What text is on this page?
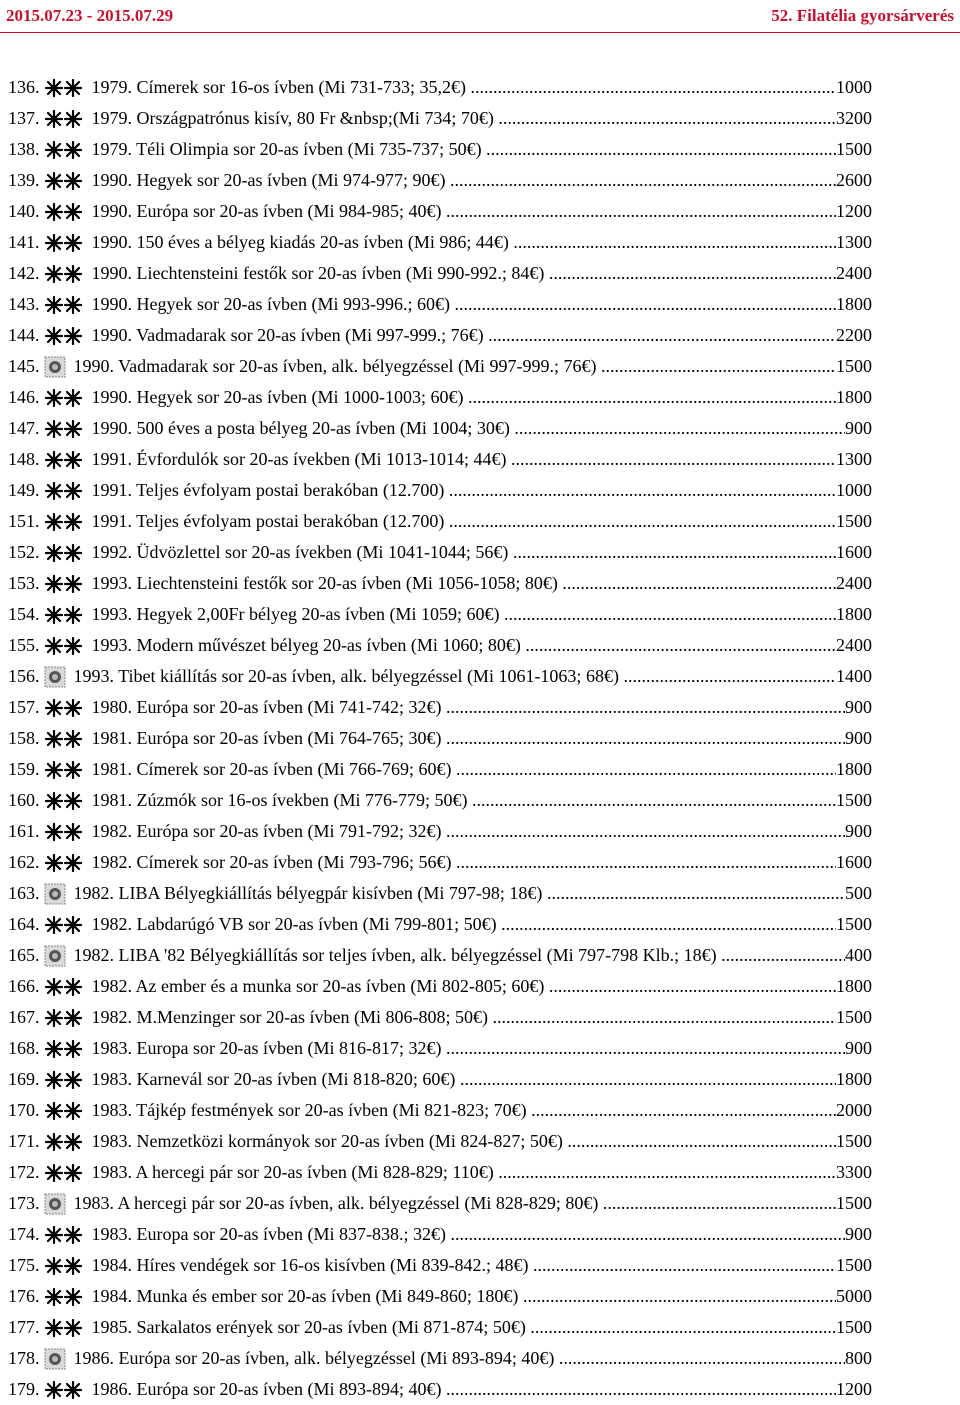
2015.07.23 - 2015.07.29	52. Filatélia gyorsárverés
136.	1979. Címerek sor 16-os ívben (Mi 731-733; 35,2€) .....	1000
137.	1979. Országpatrónus kisív, 80 Fr &nbsp;(Mi 734; 70€) .....	3200
138.	1979. Téli Olimpia sor 20-as ívben (Mi 735-737; 50€) .....	1500
139.	1990. Hegyek sor 20-as ívben (Mi 974-977; 90€) .....	2600
140.	1990. Európa sor 20-as ívben (Mi 984-985; 40€) .....	1200
141.	1990. 150 éves a bélyeg kiadás 20-as ívben (Mi 986; 44€) .....	1300
142.	1990. Liechtensteini festők sor 20-as ívben (Mi 990-992.; 84€) .....	2400
143.	1990. Hegyek sor 20-as ívben (Mi 993-996.; 60€) .....	1800
144.	1990. Vadmadarak sor 20-as ívben (Mi 997-999.; 76€) .....	2200
145. 1990. Vadmadarak sor 20-as ívben, alk. bélyegzéssel (Mi 997-999.; 76€) .....	1500
146.	1990. Hegyek sor 20-as ívben (Mi 1000-1003; 60€) .....	1800
147.	1990. 500 éves a posta bélyeg 20-as ívben (Mi 1004; 30€) .....	900
148.	1991. Évfordulók sor 20-as ívekben (Mi 1013-1014; 44€) .....	1300
149.	1991. Teljes évfolyam postai berakóban (12.700) .....	1000
151.	1991. Teljes évfolyam postai berakóban (12.700) .....	1500
152.	1992. Üdvözlettel sor 20-as ívekben (Mi 1041-1044; 56€) .....	1600
153.	1993. Liechtensteini festők sor 20-as ívben (Mi 1056-1058; 80€) .....	2400
154.	1993. Hegyek 2,00Fr bélyeg 20-as ívben (Mi 1059; 60€) .....	1800
155.	1993. Modern művészet bélyeg 20-as ívben (Mi 1060; 80€) .....	2400
156. 1993. Tibet kiállítás sor 20-as ívben, alk. bélyegzéssel (Mi 1061-1063; 68€) .....	1400
157.	1980. Európa sor 20-as ívben (Mi 741-742; 32€) .....	900
158.	1981. Európa sor 20-as ívben (Mi 764-765; 30€) .....	900
159.	1981. Címerek sor 20-as ívben (Mi 766-769; 60€) .....	1800
160.	1981. Zúzmók sor 16-os ívekben (Mi 776-779; 50€) .....	1500
161.	1982. Európa sor 20-as ívben (Mi 791-792; 32€) .....	900
162.	1982. Címerek sor 20-as ívben (Mi 793-796; 56€) .....	1600
163. 1982. LIBA Bélyegkiállítás bélyegpár kisívben (Mi 797-98; 18€) .....	500
164.	1982. Labdarúgó VB sor 20-as ívben (Mi 799-801; 50€) .....	1500
165. 1982. LIBA '82 Bélyegkiállítás sor teljes ívben, alk. bélyegzéssel (Mi 797-798 Klb.; 18€) .....	400
166.	1982. Az ember és a munka sor 20-as ívben (Mi 802-805; 60€) .....	1800
167.	1982. M.Menzinger sor 20-as ívben (Mi 806-808; 50€) .....	1500
168.	1983. Europa sor 20-as ívben (Mi 816-817; 32€) .....	900
169.	1983. Karnevál sor 20-as ívben (Mi 818-820; 60€) .....	1800
170.	1983. Tájkép festmények sor 20-as ívben (Mi 821-823; 70€) .....	2000
171.	1983. Nemzetközi kormányok sor 20-as ívben (Mi 824-827; 50€) .....	1500
172.	1983. A hercegi pár sor 20-as ívben (Mi 828-829; 110€) .....	3300
173. 1983. A hercegi pár sor 20-as ívben, alk. bélyegzéssel (Mi 828-829; 80€) .....	1500
174.	1983. Europa sor 20-as ívben (Mi 837-838.; 32€) .....	900
175.	1984. Híres vendégek sor 16-os kisívben (Mi 839-842.; 48€) .....	1500
176.	1984. Munka és ember sor 20-as ívben (Mi 849-860; 180€) .....	5000
177.	1985. Sarkalatos erények sor 20-as ívben (Mi 871-874; 50€) .....	1500
178. 1986. Európa sor 20-as ívben, alk. bélyegzéssel (Mi 893-894; 40€) .....	800
179.	1986. Európa sor 20-as ívben (Mi 893-894; 40€) .....	1200
